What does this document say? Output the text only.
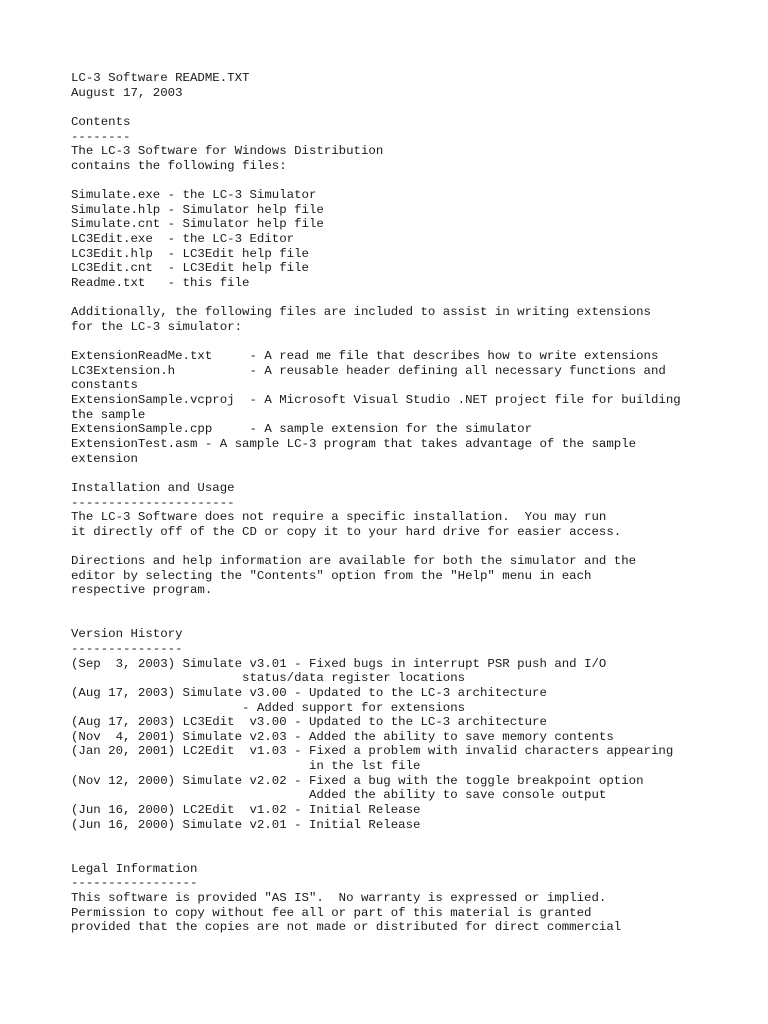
LC-3 Software README.TXT
August 17, 2003
Contents
--------
The LC-3 Software for Windows Distribution
contains the following files:
Simulate.exe - the LC-3 Simulator
Simulate.hlp - Simulator help file
Simulate.cnt - Simulator help file
LC3Edit.exe  - the LC-3 Editor
LC3Edit.hlp  - LC3Edit help file
LC3Edit.cnt  - LC3Edit help file
Readme.txt   - this file
Additionally, the following files are included to assist in writing extensions
for the LC-3 simulator:
ExtensionReadMe.txt     - A read me file that describes how to write extensions
LC3Extension.h          - A reusable header defining all necessary functions and
constants
ExtensionSample.vcproj  - A Microsoft Visual Studio .NET project file for building
the sample
ExtensionSample.cpp     - A sample extension for the simulator
ExtensionTest.asm - A sample LC-3 program that takes advantage of the sample
extension
Installation and Usage
----------------------
The LC-3 Software does not require a specific installation.  You may run
it directly off of the CD or copy it to your hard drive for easier access.
Directions and help information are available for both the simulator and the
editor by selecting the "Contents" option from the "Help" menu in each
respective program.
Version History
---------------
(Sep  3, 2003) Simulate v3.01 - Fixed bugs in interrupt PSR push and I/O
status/data register locations
(Aug 17, 2003) Simulate v3.00 - Updated to the LC-3 architecture
- Added support for extensions
(Aug 17, 2003) LC3Edit  v3.00 - Updated to the LC-3 architecture
(Nov  4, 2001) Simulate v2.03 - Added the ability to save memory contents
(Jan 20, 2001) LC2Edit  v1.03 - Fixed a problem with invalid characters appearing
in the lst file
(Nov 12, 2000) Simulate v2.02 - Fixed a bug with the toggle breakpoint option
Added the ability to save console output
(Jun 16, 2000) LC2Edit  v1.02 - Initial Release
(Jun 16, 2000) Simulate v2.01 - Initial Release
Legal Information
-----------------
This software is provided "AS IS".  No warranty is expressed or implied.
Permission to copy without fee all or part of this material is granted
provided that the copies are not made or distributed for direct commercial
